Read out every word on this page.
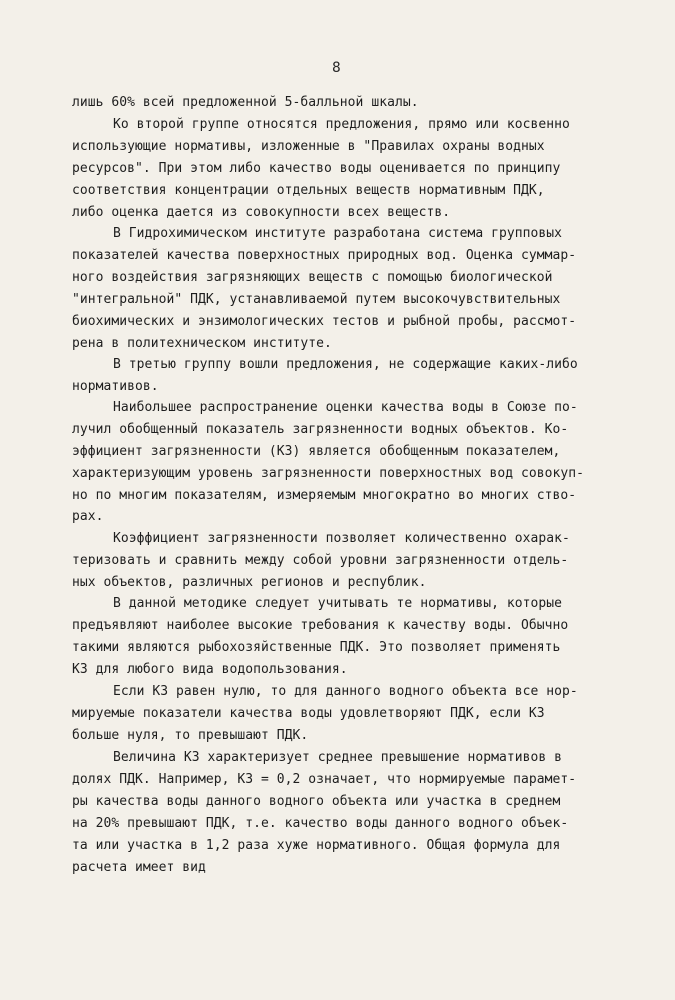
8
лишь 60% всей предложенной 5-балльной шкалы.
Ко второй группе относятся предложения, прямо или косвенно
использующие нормативы, изложенные в "Правилах охраны водных
ресурсов". При этом либо качество воды оценивается по принципу
соответствия концентрации отдельных веществ нормативным ПДК,
либо оценка дается из совокупности всех веществ.
В Гидрохимическом институте разработана система групповых
показателей качества поверхностных природных вод. Оценка суммар-
ного воздействия загрязняющих веществ с помощью биологической
"интегральной" ПДК, устанавливаемой путем высокочувствительных
биохимических и энзимологических тестов и рыбной пробы, рассмот-
рена в политехническом институте.
В третью группу вошли предложения, не содержащие каких-либо
нормативов.
Наибольшее распространение оценки качества воды в Союзе по-
лучил обобщенный показатель загрязненности водных объектов. Ко-
эффициент загрязненности (КЗ) является обобщенным показателем,
характеризующим уровень загрязненности поверхностных вод совокуп-
но по многим показателям, измеряемым многократно во многих ство-
рах.
Коэффициент загрязненности позволяет количественно охарак-
теризовать и сравнить между собой уровни загрязненности отдель-
ных объектов, различных регионов и республик.
В данной методике следует учитывать те нормативы, которые
предъявляют наиболее высокие требования к качеству воды. Обычно
такими являются рыбохозяйственные ПДК. Это позволяет применять
КЗ для любого вида водопользования.
Если КЗ равен нулю, то для данного водного объекта все нор-
мируемые показатели качества воды удовлетворяют ПДК, если КЗ
больше нуля, то превышают ПДК.
Величина КЗ характеризует среднее превышение нормативов в
долях ПДК. Например, КЗ = 0,2 означает, что нормируемые парамет-
ры качества воды данного водного объекта или участка в среднем
на 20% превышают ПДК, т.е. качество воды данного водного объек-
та или участка в 1,2 раза хуже нормативного. Общая формула для
расчета имеет вид
